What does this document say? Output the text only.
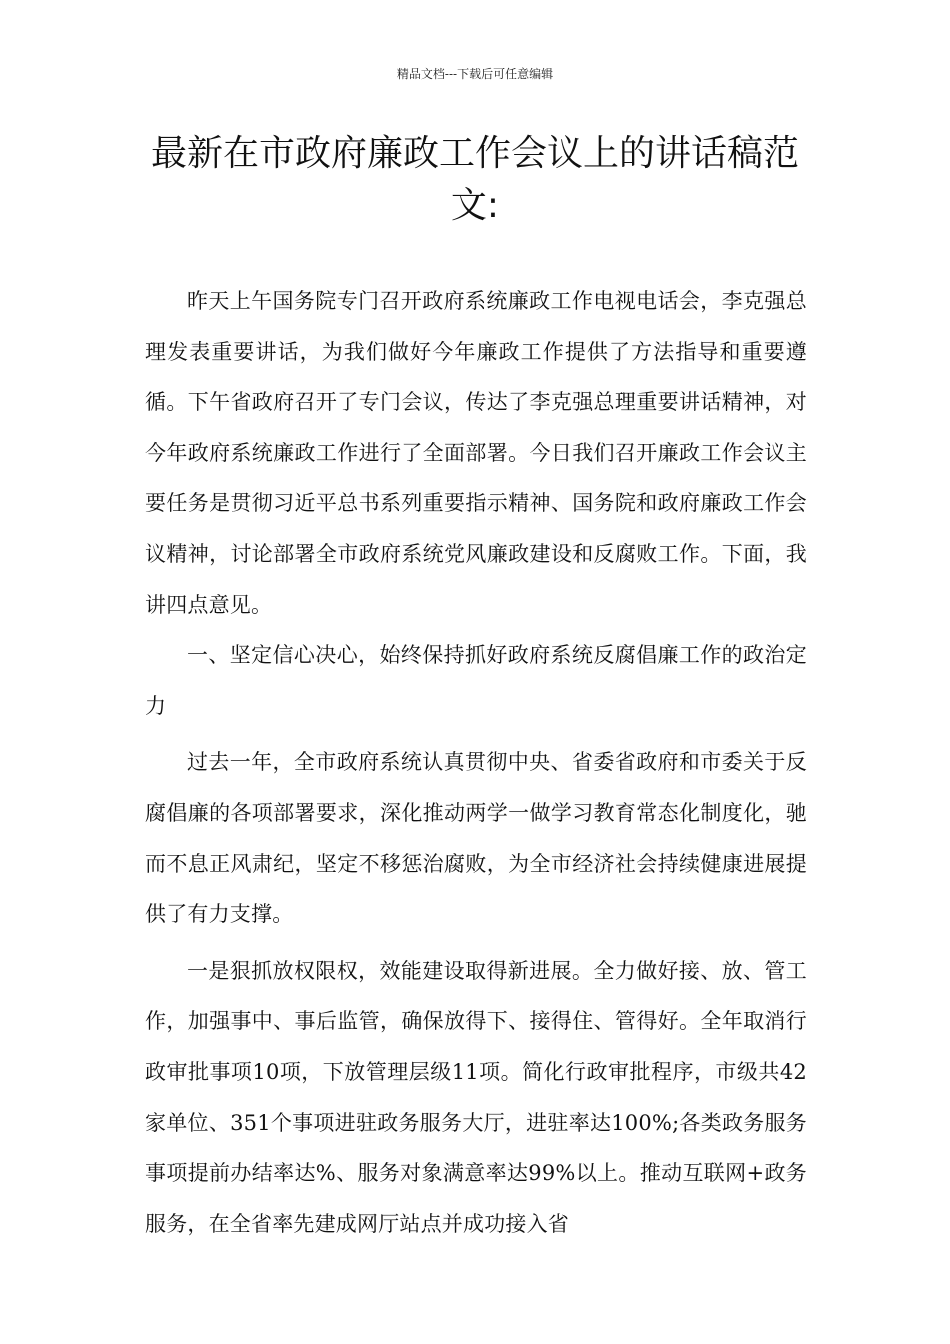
精品文档---下载后可任意编辑
最新在市政府廉政工作会议上的讲话稿范文:

昨天上午国务院专门召开政府系统廉政工作电视电话会，李克强总理发表重要讲话，为我们做好今年廉政工作提供了方法指导和重要遵循。下午省政府召开了专门会议，传达了李克强总理重要讲话精神，对今年政府系统廉政工作进行了全面部署。今日我们召开廉政工作会议主要任务是贯彻习近平总书系列重要指示精神、国务院和政府廉政工作会议精神，讨论部署全市政府系统党风廉政建设和反腐败工作。下面，我讲四点意见。

一、坚定信心决心，始终保持抓好政府系统反腐倡廉工作的政治定力

过去一年，全市政府系统认真贯彻中央、省委省政府和市委关于反腐倡廉的各项部署要求，深化推动两学一做学习教育常态化制度化，驰而不息正风肃纪，坚定不移惩治腐败，为全市经济社会持续健康进展提供了有力支撑。

一是狠抓放权限权，效能建设取得新进展。全力做好接、放、管工作，加强事中、事后监管，确保放得下、接得住、管得好。全年取消行政审批事项10项，下放管理层级11项。简化行政审批程序，市级共42家单位、351个事项进驻政务服务大厅，进驻率达100%;各类政务服务事项提前办结率达%、服务对象满意率达99%以上。推动互联网+政务服务，在全省率先建成网厅站点并成功接入省
